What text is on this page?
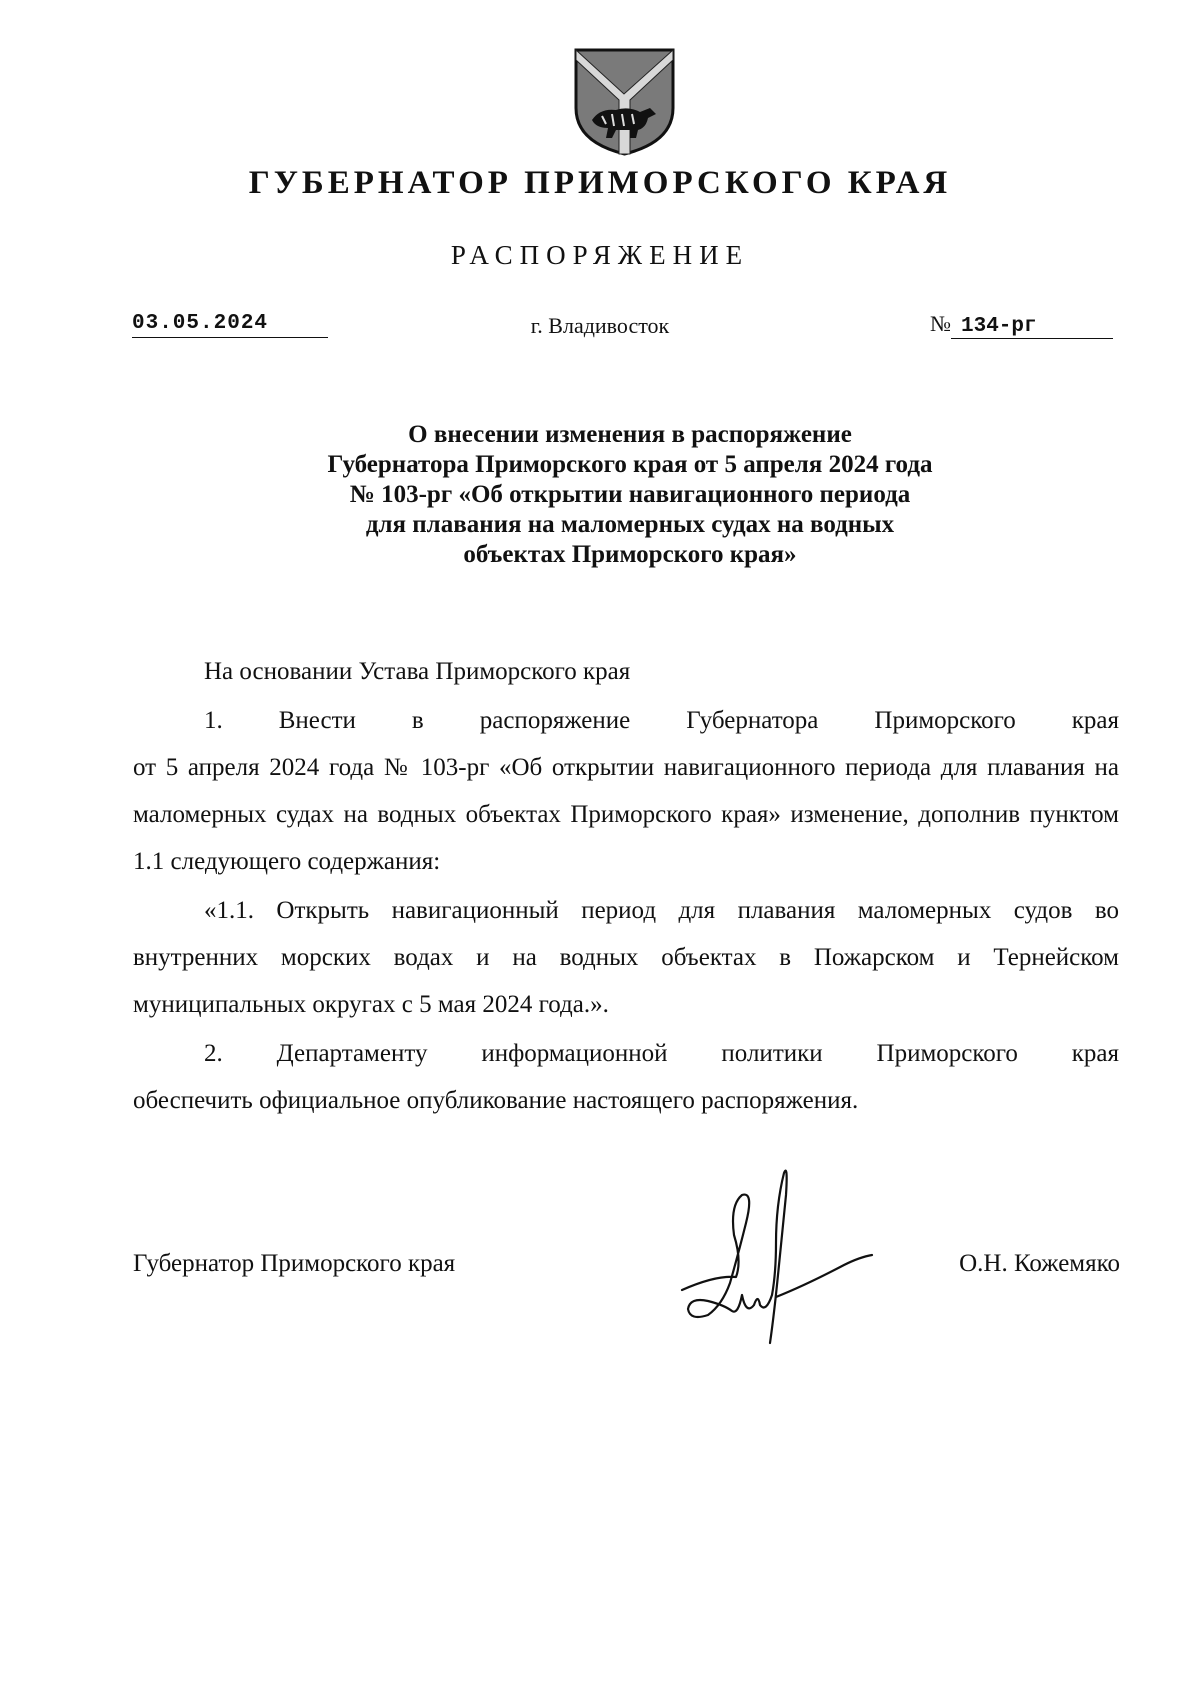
ГУБЕРНАТОР ПРИМОРСКОГО КРАЯ
РАСПОРЯЖЕНИЕ
03.05.2024	г. Владивосток	№ 134-рг
О внесении изменения в распоряжение
Губернатора Приморского края от 5 апреля 2024 года
№ 103-рг «Об открытии навигационного периода
для плавания на маломерных судах на водных
объектах Приморского края»

На основании Устава Приморского края

1. Внести в распоряжение Губернатора Приморского края

от 5 апреля 2024 года № 103-рг «Об открытии навигационного периода для плавания на маломерных судах на водных объектах Приморского края» изменение, дополнив пунктом 1.1 следующего содержания:

«1.1. Открыть навигационный период для плавания маломерных судов во внутренних морских водах и на водных объектах в Пожарском и Тернейском муниципальных округах с 5 мая 2024 года.».

2. Департаменту информационной политики Приморского края

обеспечить официальное опубликование настоящего распоряжения.

Губернатор Приморского края	О.Н. Кожемяко
